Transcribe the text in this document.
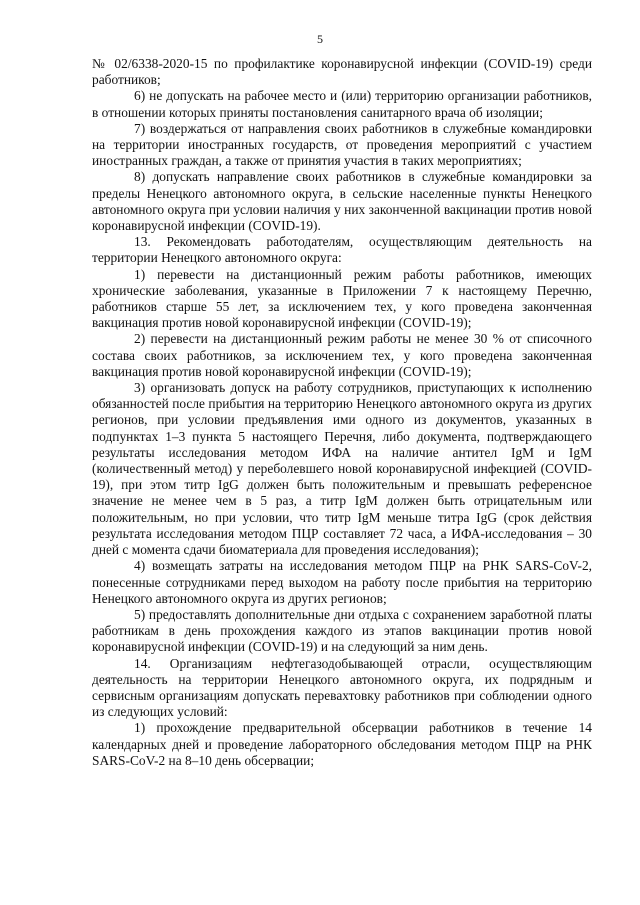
5

№ 02/6338-2020-15 по профилактике коронавирусной инфекции (COVID-19) среди работников;

6) не допускать на рабочее место и (или) территорию организации работников, в отношении которых приняты постановления санитарного врача об изоляции;

7) воздержаться от направления своих работников в служебные командировки на территории иностранных государств, от проведения мероприятий с участием иностранных граждан, а также от принятия участия в таких мероприятиях;

8) допускать направление своих работников в служебные командировки за пределы Ненецкого автономного округа, в сельские населенные пункты Ненецкого автономного округа при условии наличия у них законченной вакцинации против новой коронавирусной инфекции (COVID-19).

13. Рекомендовать работодателям, осуществляющим деятельность на территории Ненецкого автономного округа:

1) перевести на дистанционный режим работы работников, имеющих хронические заболевания, указанные в Приложении 7 к настоящему Перечню, работников старше 55 лет, за исключением тех, у кого проведена законченная вакцинация против новой коронавирусной инфекции (COVID-19);

2) перевести на дистанционный режим работы не менее 30 % от списочного состава своих работников, за исключением тех, у кого проведена законченная вакцинация против новой коронавирусной инфекции (COVID-19);

3) организовать допуск на работу сотрудников, приступающих к исполнению обязанностей после прибытия на территорию Ненецкого автономного округа из других регионов, при условии предъявления ими одного из документов, указанных в подпунктах 1–3 пункта 5 настоящего Перечня, либо документа, подтверждающего результаты исследования методом ИФА на наличие антител IgM и IgM (количественный метод) у переболевшего новой коронавирусной инфекцией (COVID-19), при этом титр IgG должен быть положительным и превышать референсное значение не менее чем в 5 раз, а титр IgM должен быть отрицательным или положительным, но при условии, что титр IgM меньше титра IgG (срок действия результата исследования методом ПЦР составляет 72 часа, а ИФА-исследования – 30 дней с момента сдачи биоматериала для проведения исследования);

4) возмещать затраты на исследования методом ПЦР на РНК SARS-CoV-2, понесенные сотрудниками перед выходом на работу после прибытия на территорию Ненецкого автономного округа из других регионов;

5) предоставлять дополнительные дни отдыха с сохранением заработной платы работникам в день прохождения каждого из этапов вакцинации против новой коронавирусной инфекции (COVID-19) и на следующий за ним день.

14. Организациям нефтегазодобывающей отрасли, осуществляющим деятельность на территории Ненецкого автономного округа, их подрядным и сервисным организациям допускать перевахтовку работников при соблюдении одного из следующих условий:

1) прохождение предварительной обсервации работников в течение 14 календарных дней и проведение лабораторного обследования методом ПЦР на РНК SARS-CoV-2 на 8–10 день обсервации;
